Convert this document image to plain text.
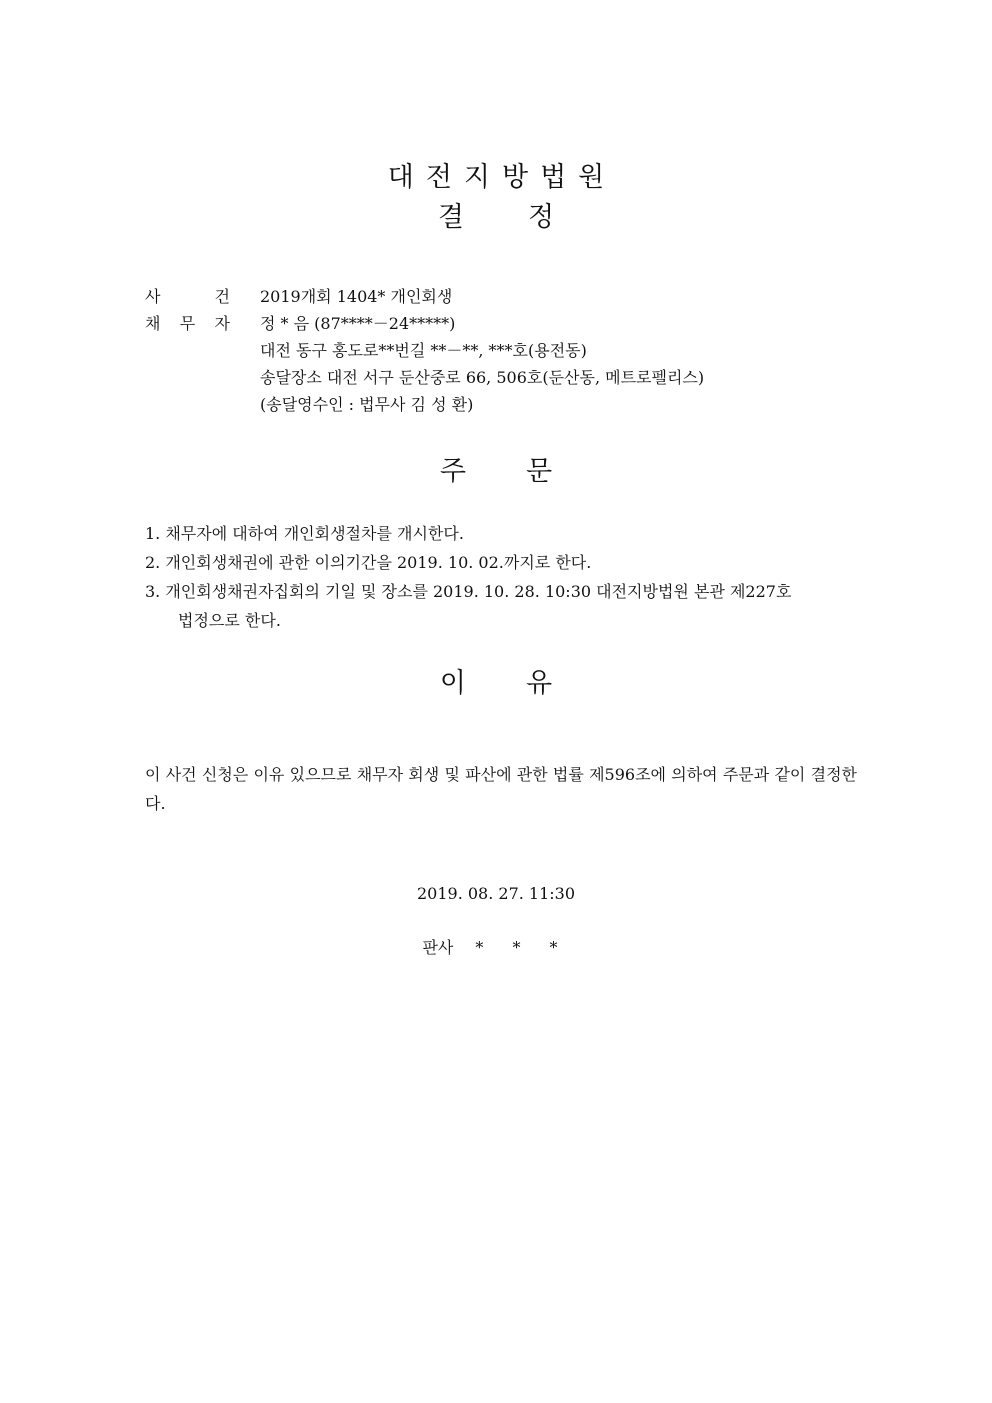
대전지방법원
결정
사	건 2019개회 1404* 개인회생
채 무 자 정 * 음 (87****－24*****)
대전 동구 홍도로**번길 **－**, ***호(용전동)
송달장소 대전 서구 둔산중로 66, 506호(둔산동, 메트로펠리스)
(송달영수인 : 법무사 김 성 환)
주문
1. 채무자에 대하여 개인회생절차를 개시한다.
2. 개인회생채권에 관한 이의기간을 2019. 10. 02.까지로 한다.
3. 개인회생채권자집회의 기일 및 장소를 2019. 10. 28. 10:30 대전지방법원 본관 제227호
법정으로 한다.
이유
이 사건 신청은 이유 있으므로 채무자 회생 및 파산에 관한 법률 제596조에 의하여 주문과 같이 결정한다.
2019. 08. 27. 11:30
판사 * * *
